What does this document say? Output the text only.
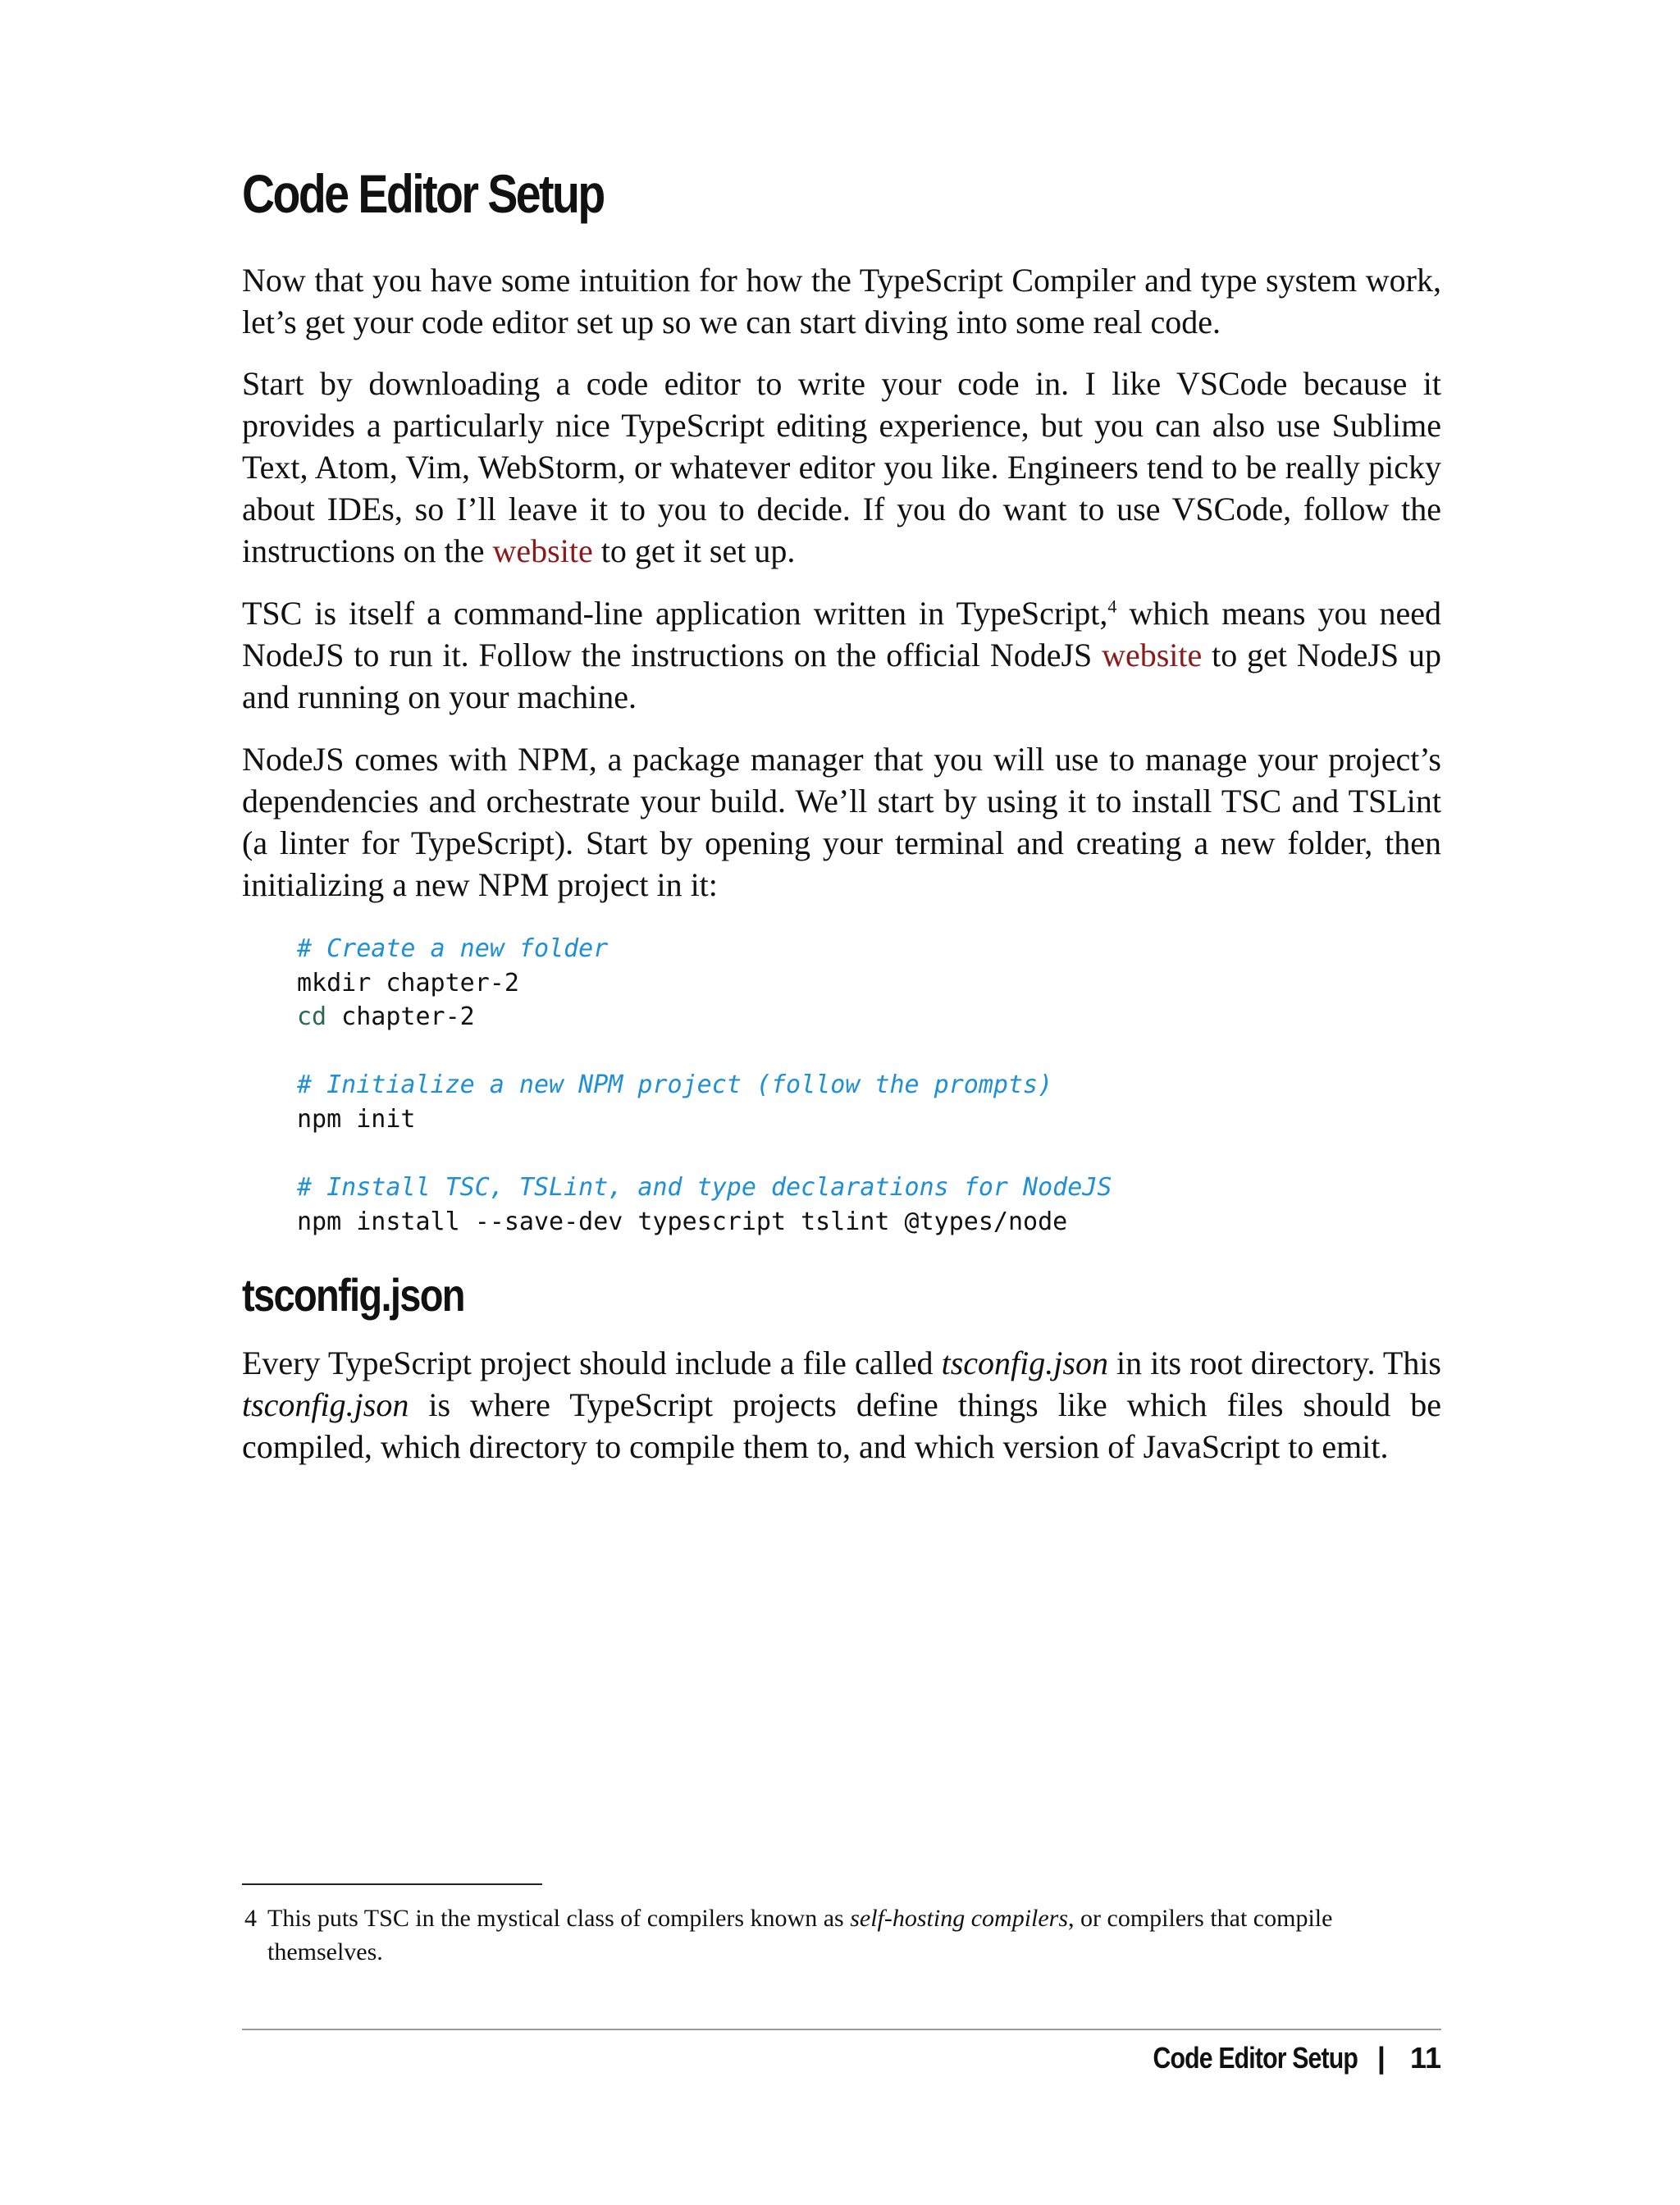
Code Editor Setup

Now that you have some intuition for how the TypeScript Compiler and type system work, let’s get your code editor set up so we can start diving into some real code.

Start by downloading a code editor to write your code in. I like VSCode because it provides a particularly nice TypeScript editing experience, but you can also use Sublime Text, Atom, Vim, WebStorm, or whatever editor you like. Engineers tend to be really picky about IDEs, so I’ll leave it to you to decide. If you do want to use VSCode, follow the instructions on the website to get it set up.

TSC is itself a command-line application written in TypeScript,$^4$ which means you need NodeJS to run it. Follow the instructions on the official NodeJS website to get NodeJS up and running on your machine.

NodeJS comes with NPM, a package manager that you will use to manage your project’s dependencies and orchestrate your build. We’ll start by using it to install TSC and TSLint (a linter for TypeScript). Start by opening your terminal and creating a new folder, then initializing a new NPM project in it:

# Create a new folder
mkdir chapter-2
cd chapter-2
# Initialize a new NPM project (follow the prompts)
npm init
# Install TSC, TSLint, and type declarations for NodeJS
npm install --save-dev typescript tslint @types/node
tsconfig.json

Every TypeScript project should include a file called tsconfig.json in its root directory. This tsconfig.json is where TypeScript projects define things like which files should be compiled, which directory to compile them to, and which version of JavaScript to emit.

4 This puts TSC in the mystical class of compilers known as self-hosting compilers, or compilers that compile themselves.
Code Editor Setup | 11
